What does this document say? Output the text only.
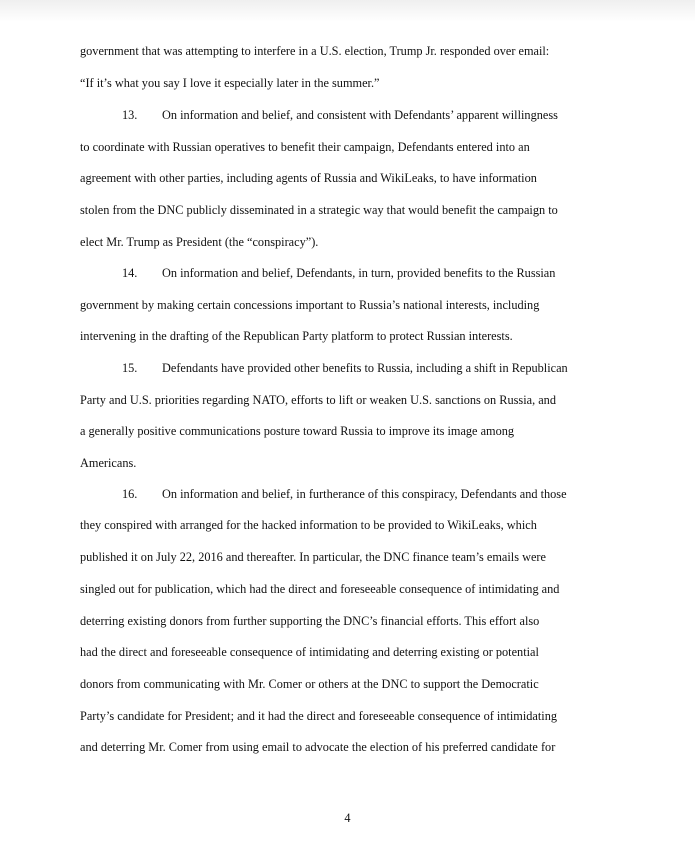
government that was attempting to interfere in a U.S. election, Trump Jr. responded over email:
“If it’s what you say I love it especially later in the summer.”
13. On information and belief, and consistent with Defendants’ apparent willingness
to coordinate with Russian operatives to benefit their campaign, Defendants entered into an
agreement with other parties, including agents of Russia and WikiLeaks, to have information
stolen from the DNC publicly disseminated in a strategic way that would benefit the campaign to
elect Mr. Trump as President (the “conspiracy”).
14. On information and belief, Defendants, in turn, provided benefits to the Russian
government by making certain concessions important to Russia’s national interests, including
intervening in the drafting of the Republican Party platform to protect Russian interests.
15. Defendants have provided other benefits to Russia, including a shift in Republican
Party and U.S. priorities regarding NATO, efforts to lift or weaken U.S. sanctions on Russia, and
a generally positive communications posture toward Russia to improve its image among
Americans.
16. On information and belief, in furtherance of this conspiracy, Defendants and those
they conspired with arranged for the hacked information to be provided to WikiLeaks, which
published it on July 22, 2016 and thereafter. In particular, the DNC finance team’s emails were
singled out for publication, which had the direct and foreseeable consequence of intimidating and
deterring existing donors from further supporting the DNC’s financial efforts. This effort also
had the direct and foreseeable consequence of intimidating and deterring existing or potential
donors from communicating with Mr. Comer or others at the DNC to support the Democratic
Party’s candidate for President; and it had the direct and foreseeable consequence of intimidating
and deterring Mr. Comer from using email to advocate the election of his preferred candidate for
4
